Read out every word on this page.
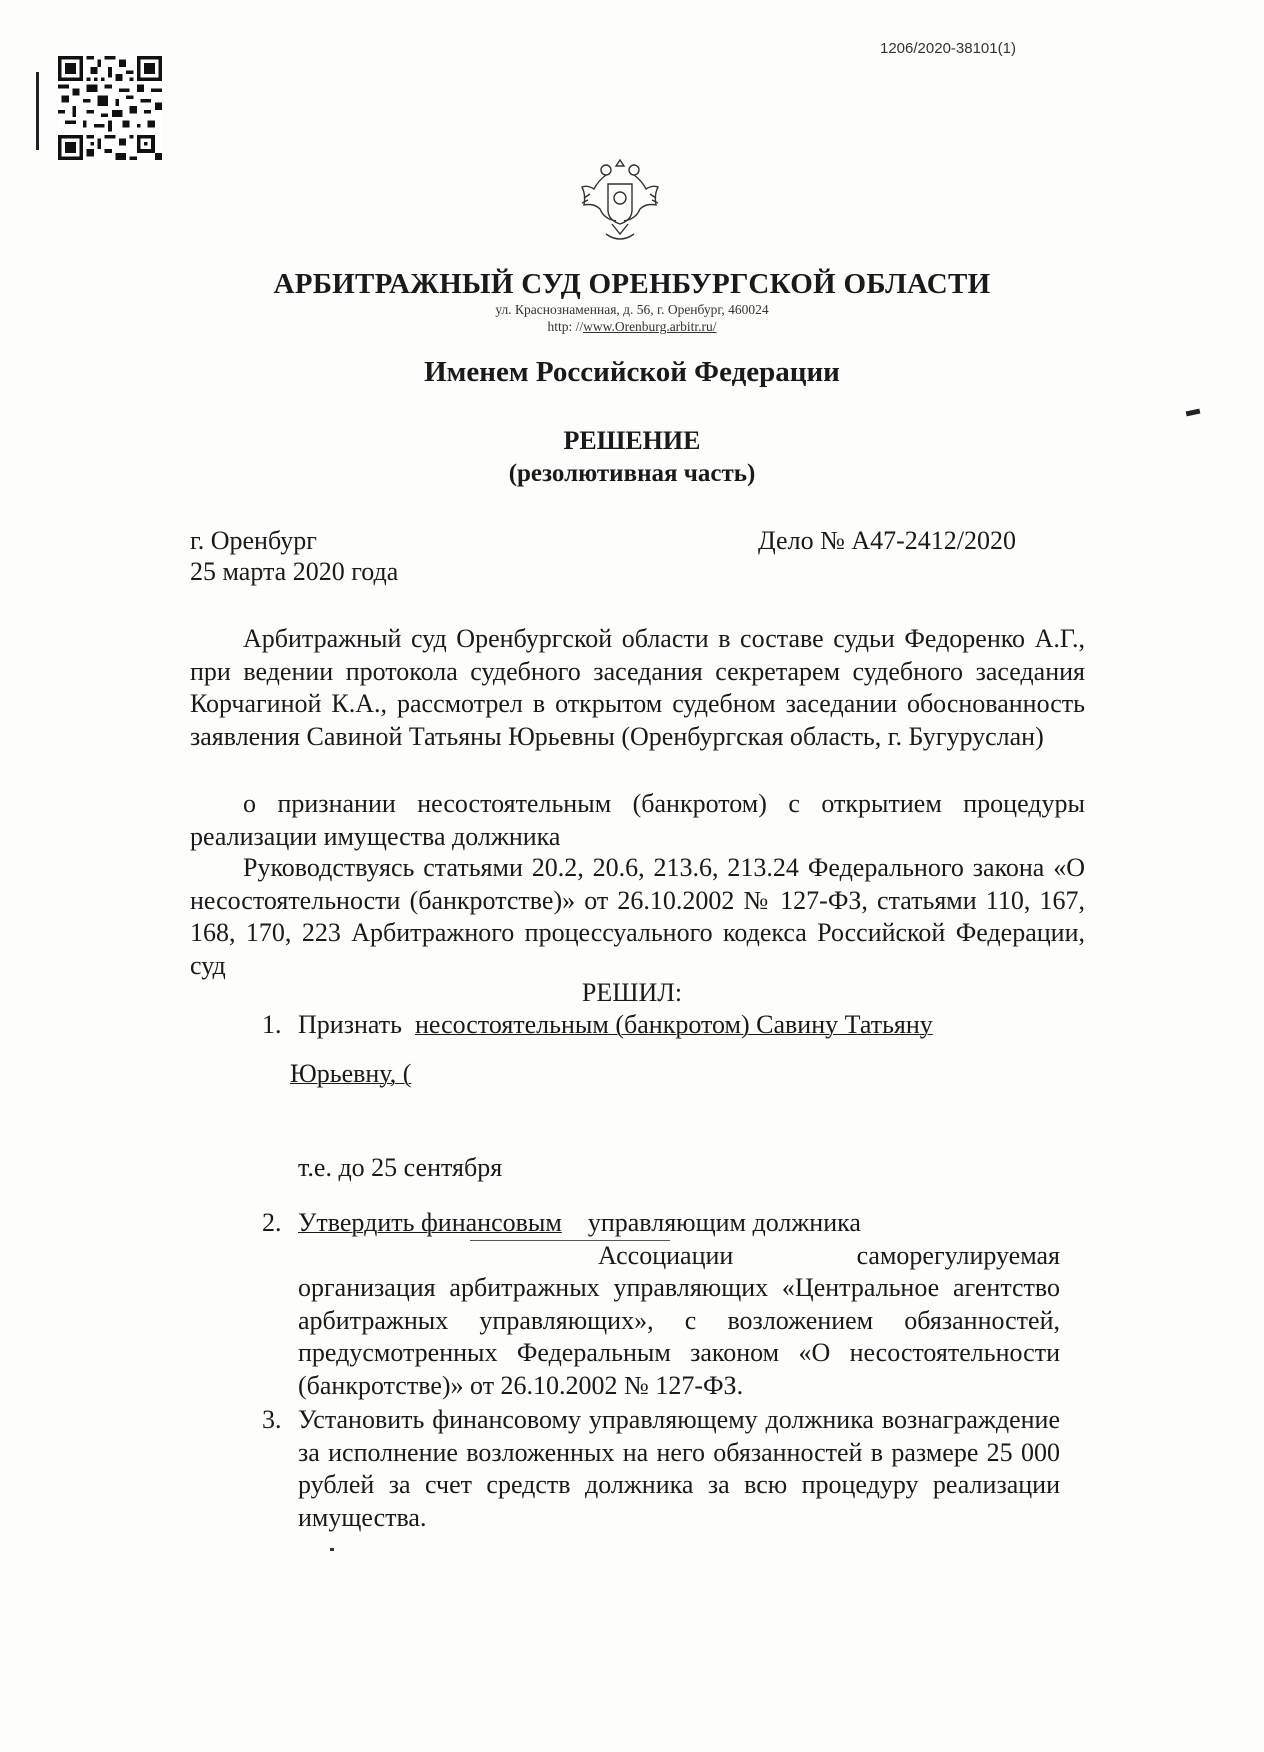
1206/2020-38101(1)
АРБИТРАЖНЫЙ СУД ОРЕНБУРГСКОЙ ОБЛАСТИ
ул. Краснознаменная, д. 56, г. Оренбург, 460024
http: //www.Orenburg.arbitr.ru/
Именем Российской Федерации
РЕШЕНИЕ
(резолютивная часть)
г. Оренбург
25 марта 2020 года
Дело № А47-2412/2020
Арбитражный суд Оренбургской области в составе судьи Федоренко А.Г., при ведении протокола судебного заседания секретарем судебного заседания Корчагиной К.А., рассмотрел в открытом судебном заседании обоснованность заявления Савиной Татьяны Юрьевны (Оренбургская область, г. Бугуруслан)
о признании несостоятельным (банкротом) с открытием процедуры реализации имущества должника
Руководствуясь статьями 20.2, 20.6, 213.6, 213.24 Федерального закона «О несостоятельности (банкротстве)» от 26.10.2002 № 127-ФЗ, статьями 110, 167, 168, 170, 223 Арбитражного процессуального кодекса Российской Федерации, суд
РЕШИЛ:
1. Признать несостоятельным (банкротом) Савину Татьяну
Юрьевну, (
т.е. до 25 сентября
2. Утвердить финансовым управляющим должника
Ассоциации саморегулируемая организация арбитражных управляющих «Центральное агентство арбитражных управляющих», с возложением обязанностей, предусмотренных Федеральным законом «О несостоятельности (банкротстве)» от 26.10.2002 № 127-ФЗ.
3. Установить финансовому управляющему должника вознаграждение за исполнение возложенных на него обязанностей в размере 25 000 рублей за счет средств должника за всю процедуру реализации имущества.
